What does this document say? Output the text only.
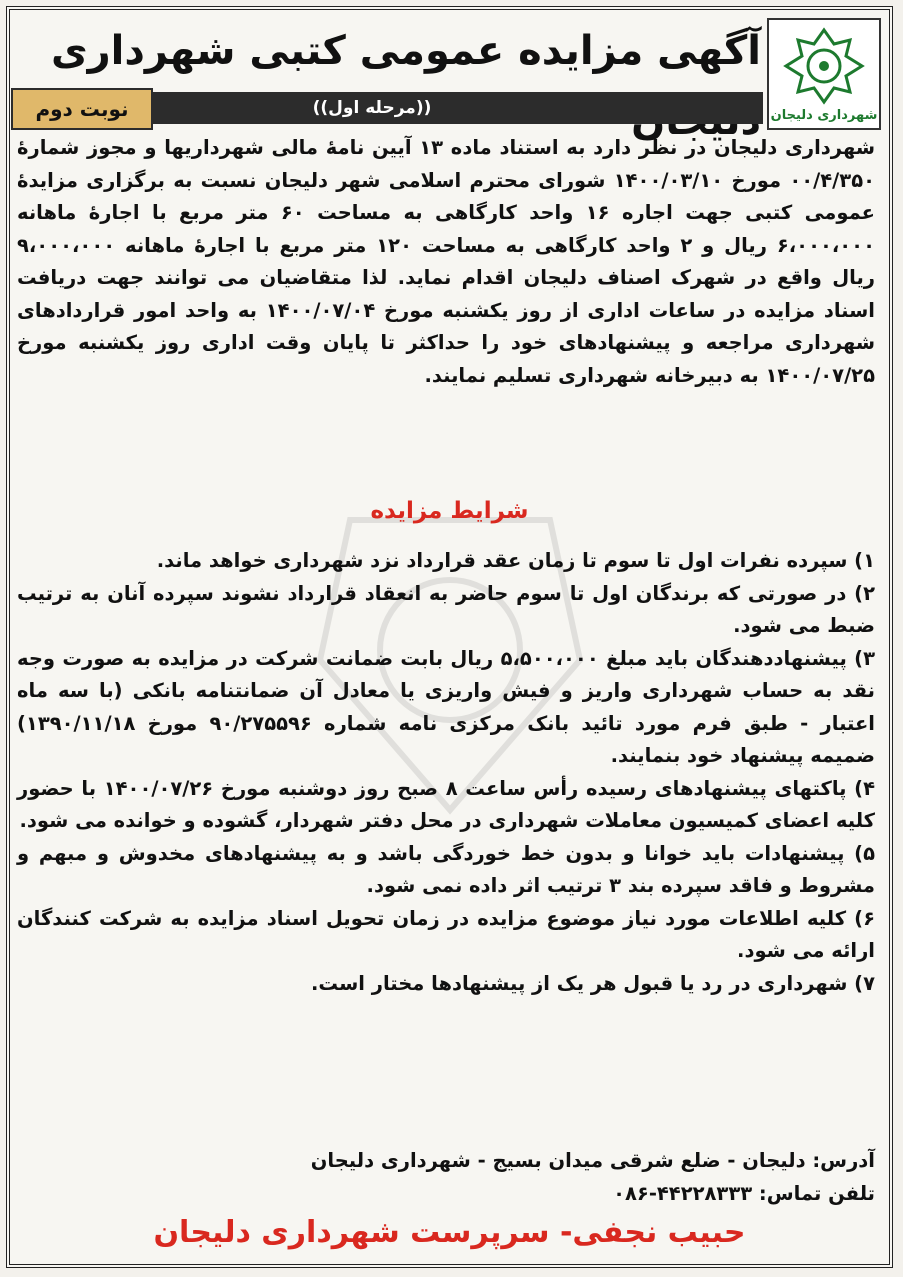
شهرداری دلیجان
آگهی مزایده عمومی کتبی شهرداری
((مرحله اول))
نوبت دوم
شهرداری دلیجان در نظر دارد به استناد ماده ۱۳ آیین نامهٔ مالی شهرداریها و مجوز شمارهٔ ۰۰/۴/۳۵۰ مورخ ۱۴۰۰/۰۳/۱۰ شورای محترم اسلامی شهر دلیجان نسبت به برگزاری مزایدهٔ عمومی کتبی جهت اجاره ۱۶ واحد کارگاهی به مساحت ۶۰ متر مربع با اجارهٔ ماهانه ۶،۰۰۰،۰۰۰ ریال و ۲ واحد کارگاهی به مساحت ۱۲۰ متر مربع با اجارهٔ ماهانه ۹،۰۰۰،۰۰۰ ریال واقع در شهرک اصناف دلیجان اقدام نماید. لذا متقاضیان می توانند جهت دریافت اسناد مزایده در ساعات اداری از روز یکشنبه مورخ ۱۴۰۰/۰۷/۰۴ به واحد امور قراردادهای شهرداری مراجعه و پیشنهادهای خود را حداکثر تا پایان وقت اداری روز یکشنبه مورخ ۱۴۰۰/۰۷/۲۵ به دبیرخانه شهرداری تسلیم نمایند.
شرایط مزایده
۱) سپرده نفرات اول تا سوم تا زمان عقد قرارداد نزد شهرداری خواهد ماند.
۲) در صورتی که برندگان اول تا سوم حاضر به انعقاد قرارداد نشوند سپرده آنان به ترتیب ضبط می شود.
۳) پیشنهاددهندگان باید مبلغ ۵،۵۰۰،۰۰۰ ریال بابت ضمانت شرکت در مزایده به صورت وجه نقد به حساب شهرداری واریز و فیش واریزی یا معادل آن ضمانتنامه بانکی (با سه ماه اعتبار - طبق فرم مورد تائید بانک مرکزی نامه شماره ۹۰/۲۷۵۵۹۶ مورخ ۱۳۹۰/۱۱/۱۸) ضمیمه پیشنهاد خود بنمایند.
۴) پاکتهای پیشنهادهای رسیده رأس ساعت ۸ صبح روز دوشنبه مورخ ۱۴۰۰/۰۷/۲۶ با حضور کلیه اعضای کمیسیون معاملات شهرداری در محل دفتر شهردار، گشوده و خوانده می شود.
۵) پیشنهادات باید خوانا و بدون خط خوردگی باشد و به پیشنهادهای مخدوش و مبهم و مشروط و فاقد سپرده بند ۳ ترتیب اثر داده نمی شود.
۶) کلیه اطلاعات مورد نیاز موضوع مزایده در زمان تحویل اسناد مزایده به شرکت کنندگان ارائه می شود.
۷) شهرداری در رد یا قبول هر یک از پیشنهادها مختار است.
آدرس: دلیجان - ضلع شرقی میدان بسیج - شهرداری دلیجان
تلفن تماس: ۴۴۲۲۸۳۳۳-۰۸۶
حبیب نجفی- سرپرست شهرداری دلیجان
